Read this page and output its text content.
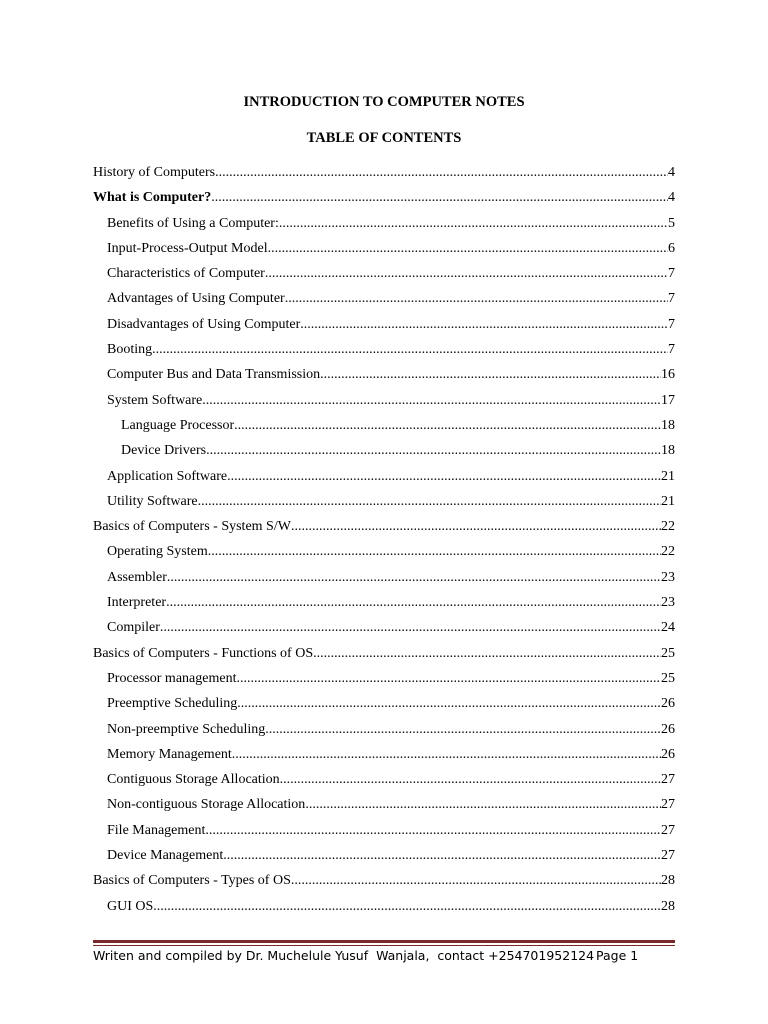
INTRODUCTION TO COMPUTER NOTES
TABLE OF CONTENTS
History of Computers .....	4
What is Computer? .....	4
Benefits of Using a Computer: .....	5
Input-Process-Output Model .....	6
Characteristics of Computer .....	7
Advantages of Using Computer .....	7
Disadvantages of Using Computer .....	7
Booting .....	7
Computer Bus and Data Transmission .....	16
System Software .....	17
Language Processor .....	18
Device Drivers .....	18
Application Software .....	21
Utility Software .....	21
Basics of Computers - System S/W .....	22
Operating System .....	22
Assembler .....	23
Interpreter .....	23
Compiler .....	24
Basics of Computers - Functions of OS .....	25
Processor management .....	25
Preemptive Scheduling .....	26
Non-preemptive Scheduling .....	26
Memory Management .....	26
Contiguous Storage Allocation .....	27
Non-contiguous Storage Allocation .....	27
File Management .....	27
Device Management .....	27
Basics of Computers - Types of OS .....	28
GUI OS .....	28
Writen and compiled by Dr. Muchelule Yusuf  Wanjala,  contact +254701952124 Page 1
